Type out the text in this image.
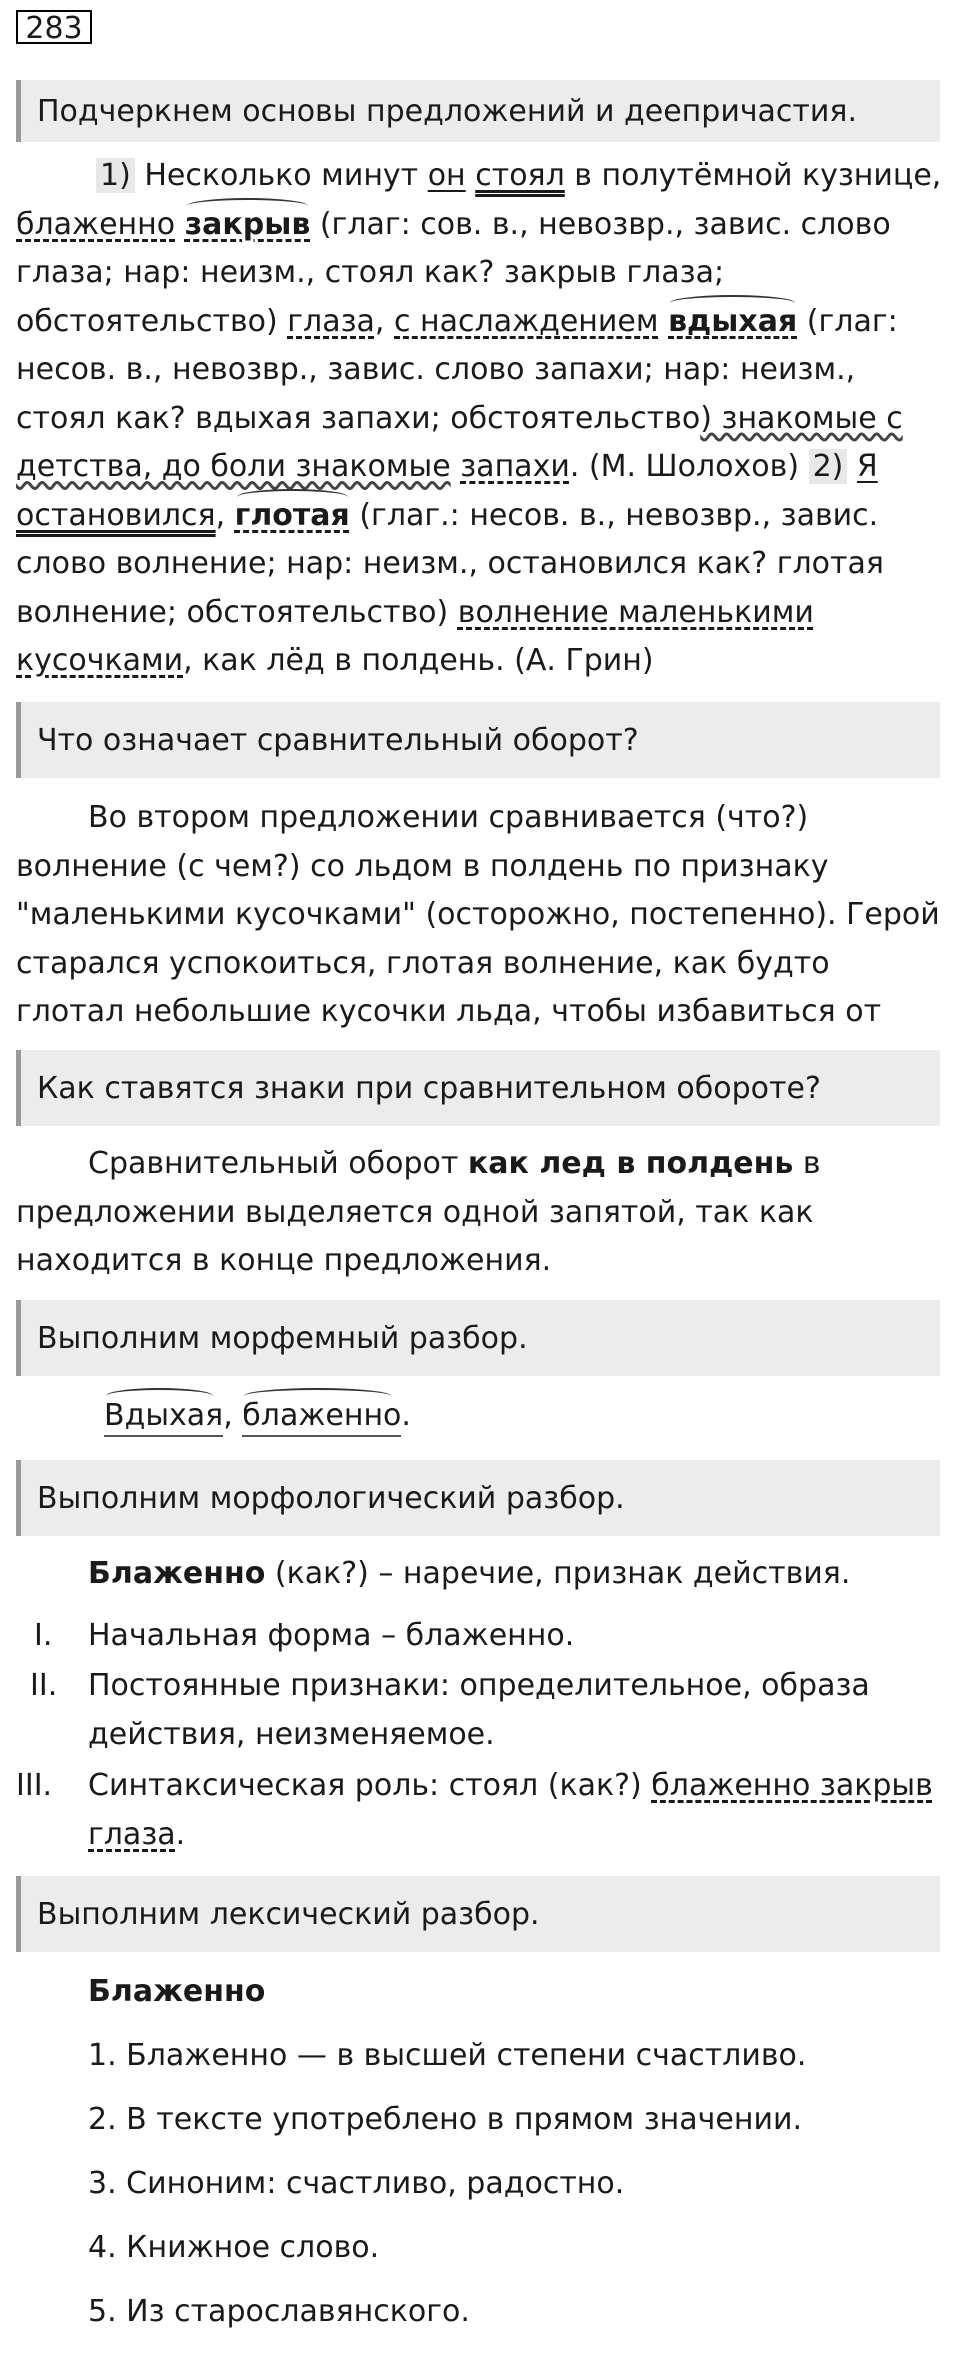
283
Подчеркнем основы предложений и деепричастия.

1) Несколько минут он стоял в полутёмной кузнице, блаженно закрыв (глаг: сов. в., невозвр., завис. слово глаза; нар: неизм., стоял как? закрыв глаза; обстоятельство) глаза, с наслаждением вдыхая (глаг: несов. в., невозвр., завис. слово запахи; нар: неизм., стоял как? вдыхая запахи; обстоятельство) знакомые с детства, до боли знакомые запахи. (М. Шолохов) 2) Я остановился, глотая (глаг.: несов. в., невозвр., завис. слово волнение; нар: неизм., остановился как? глотая волнение; обстоятельство) волнение маленькими кусочками, как лёд в полдень. (А. Грин)

Что означает сравнительный оборот?

Во втором предложении сравнивается (что?) волнение (с чем?) со льдом в полдень по признаку "маленькими кусочками" (осторожно, постепенно). Герой старался успокоиться, глотая волнение, как будто глотал небольшие кусочки льда, чтобы избавиться от

Как ставятся знаки при сравнительном обороте?

Сравнительный оборот как лед в полдень в предложении выделяется одной запятой, так как находится в конце предложения.

Выполним морфемный разбор.

Вдыхая, блаженно.

Выполним морфологический разбор.

Блаженно (как?) – наречие, признак действия.

I.	Начальная форма – блаженно.
II.	Постоянные признаки: определительное, образа действия, неизменяемое.
III.	Синтаксическая роль: стоял (как?) блаженно закрыв глаза.
Выполним лексический разбор.

Блаженно

1. Блаженно — в высшей степени счастливо.

2. В тексте употреблено в прямом значении.

3. Синоним: счастливо, радостно.

4. Книжное слово.

5. Из старославянского.
